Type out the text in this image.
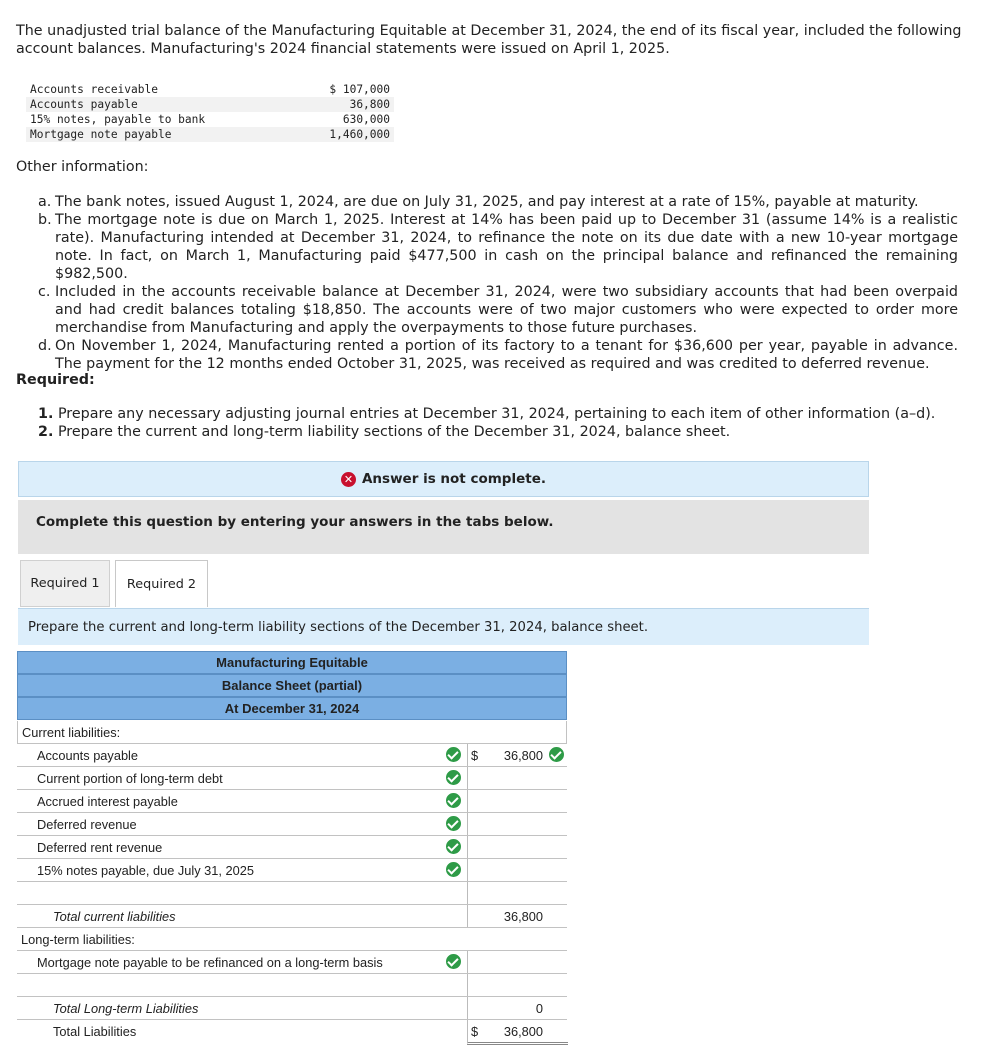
The unadjusted trial balance of the Manufacturing Equitable at December 31, 2024, the end of its fiscal year, included the following
account balances. Manufacturing's 2024 financial statements were issued on April 1, 2025.
Accounts receivable	$ 107,000
Accounts payable	36,800
15% notes, payable to bank	630,000
Mortgage note payable	1,460,000
Other information:
a. The bank notes, issued August 1, 2024, are due on July 31, 2025, and pay interest at a rate of 15%, payable at maturity.
b. The mortgage note is due on March 1, 2025. Interest at 14% has been paid up to December 31 (assume 14% is a realistic rate). Manufacturing intended at December 31, 2024, to refinance the note on its due date with a new 10-year mortgage note. In fact, on March 1, Manufacturing paid $477,500 in cash on the principal balance and refinanced the remaining $982,500.
c. Included in the accounts receivable balance at December 31, 2024, were two subsidiary accounts that had been overpaid and had credit balances totaling $18,850. The accounts were of two major customers who were expected to order more merchandise from Manufacturing and apply the overpayments to those future purchases.
d. On November 1, 2024, Manufacturing rented a portion of its factory to a tenant for $36,600 per year, payable in advance. The payment for the 12 months ended October 31, 2025, was received as required and was credited to deferred revenue.
Required:
1. Prepare any necessary adjusting journal entries at December 31, 2024, pertaining to each item of other information (a–d).
2. Prepare the current and long-term liability sections of the December 31, 2024, balance sheet.
✕ Answer is not complete.
Complete this question by entering your answers in the tabs below.
Required 1 Required 2
Prepare the current and long-term liability sections of the December 31, 2024, balance sheet.
Manufacturing Equitable
Balance Sheet (partial)
At December 31, 2024
Current liabilities:
Accounts payable	$ 36,800
Current portion of long-term debt
Accrued interest payable
Deferred revenue
Deferred rent revenue
15% notes payable, due July 31, 2025
Total current liabilities	36,800
Long-term liabilities:
Mortgage note payable to be refinanced on a long-term basis
Total Long-term Liabilities	0
Total Liabilities	$ 36,800
